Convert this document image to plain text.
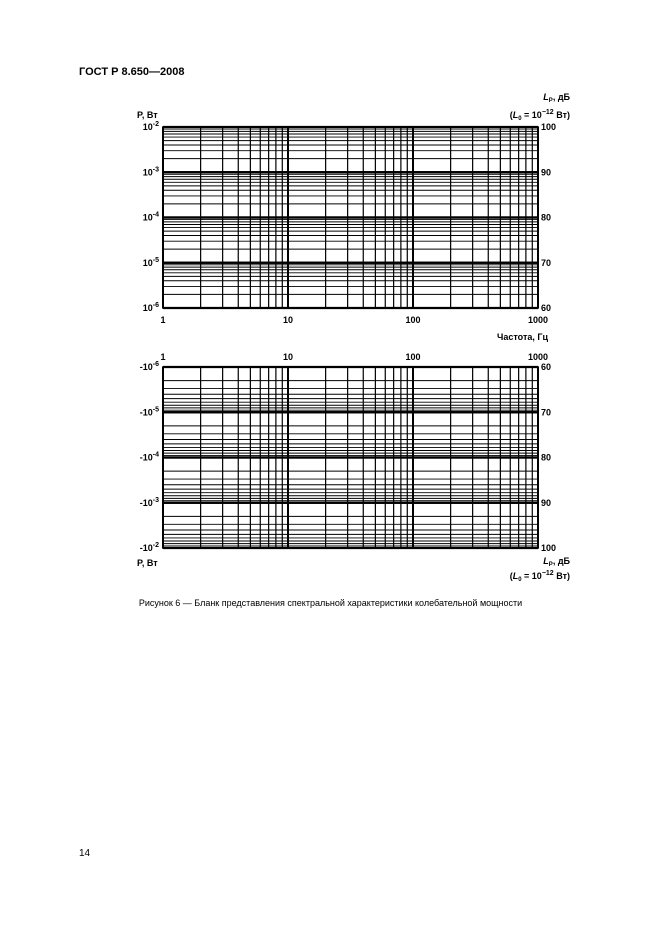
ГОСТ Р 8.650—2008
1	10	100	1000
$10^{-2}$
$10^{-3}$
$10^{-4}$
$10^{-5}$
$10^{-6}$
100
90
80
70
60
P, Вт
$L_P$, дБ
($L_0 = 10^{-12}$ Вт)
Частота, Гц
1	10	100	1000
$-10^{-6}$
$-10^{-5}$
$-10^{-4}$
$-10^{-3}$
$-10^{-2}$
60
70
80
90
100
P, Вт	$L_P$, дБ
($L_0 = 10^{-12}$ Вт)
Рисунок 6 — Бланк представления спектральной характеристики колебательной мощности
14
